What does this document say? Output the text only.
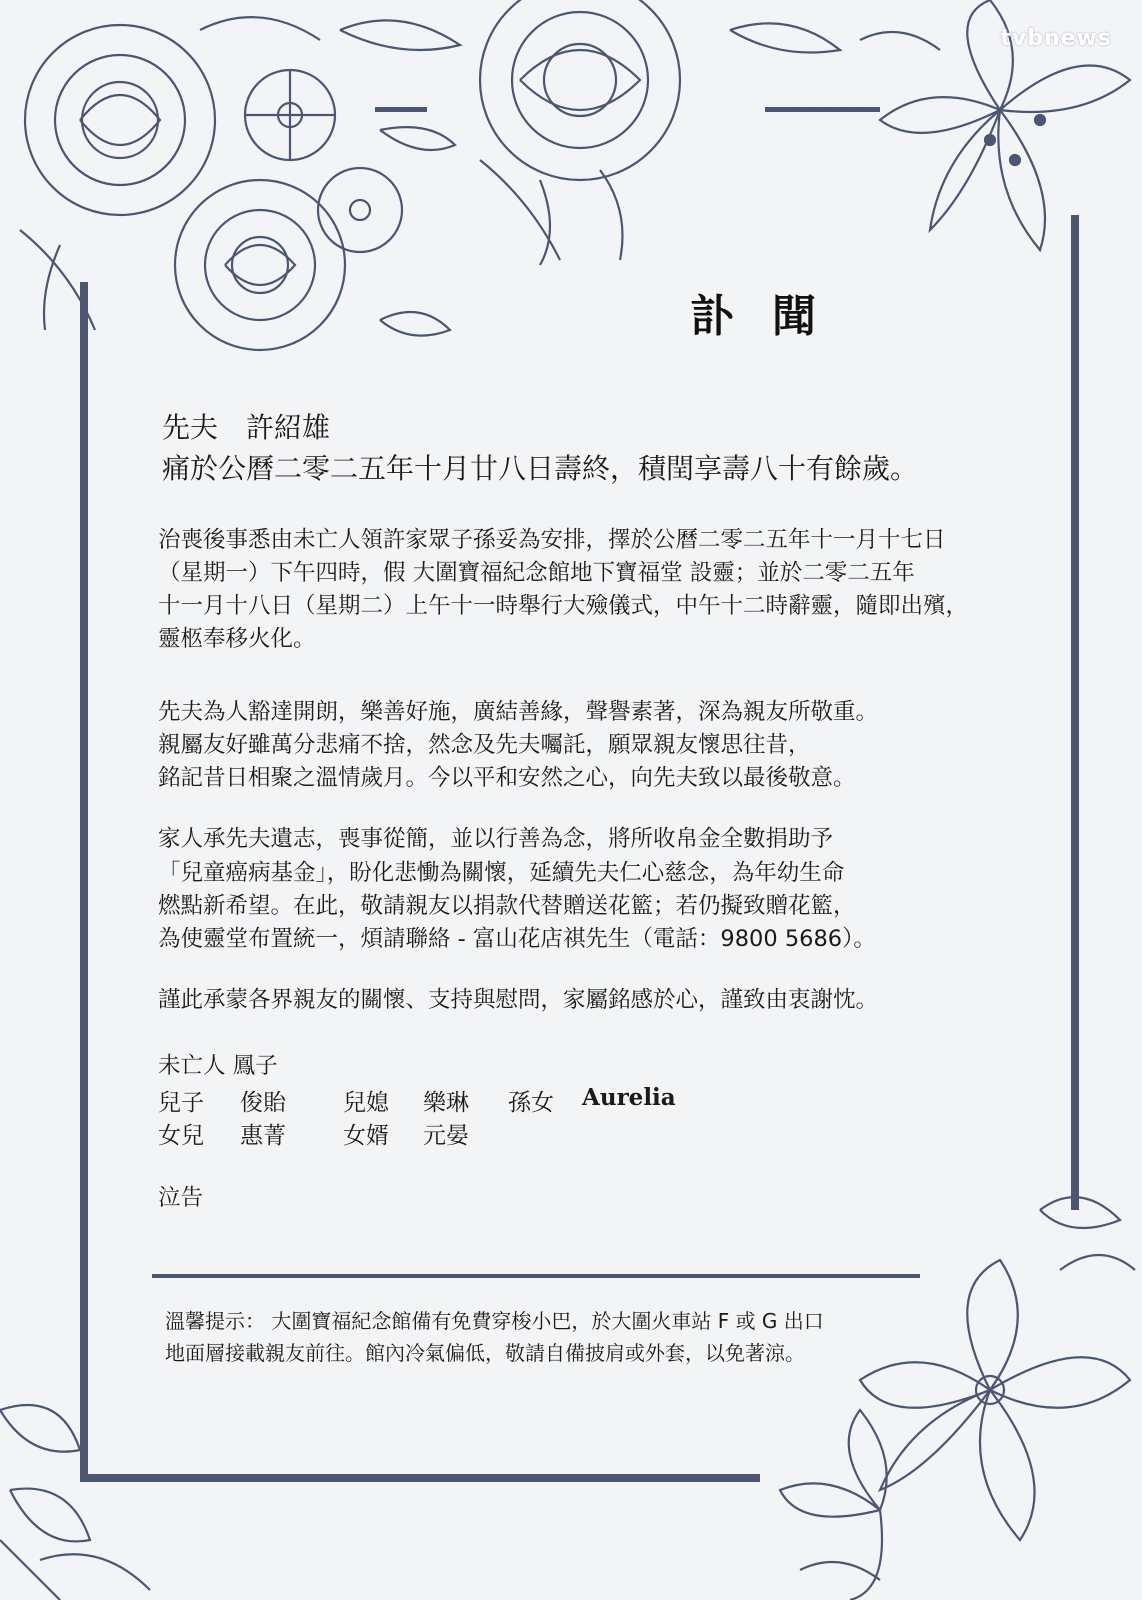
tvbnews
訃聞
先夫　許紹雄
痛於公曆二零二五年十月廿八日壽終，積閏享壽八十有餘歲。
治喪後事悉由未亡人領許家眾子孫妥為安排，擇於公曆二零二五年十一月十七日
（星期一）下午四時，假 大圍寶福紀念館地下寶福堂 設靈；並於二零二五年
十一月十八日（星期二）上午十一時舉行大殮儀式，中午十二時辭靈，隨即出殯，
靈柩奉移火化。
先夫為人豁達開朗，樂善好施，廣結善緣，聲譽素著，深為親友所敬重。
親屬友好雖萬分悲痛不捨，然念及先夫囑託，願眾親友懷思往昔，
銘記昔日相聚之溫情歲月。今以平和安然之心，向先夫致以最後敬意。
家人承先夫遺志，喪事從簡，並以行善為念，將所收帛金全數捐助予
「兒童癌病基金」，盼化悲慟為關懷，延續先夫仁心慈念，為年幼生命
燃點新希望。在此，敬請親友以捐款代替贈送花籃；若仍擬致贈花籃，
為使靈堂布置統一，煩請聯絡 - 富山花店祺先生（電話：9800 5686）。
謹此承蒙各界親友的關懷、支持與慰問，家屬銘感於心，謹致由衷謝忱。
未亡人 鳳子
兒子 俊貽 兒媳 樂琳 孫女 Aurelia
女兒 惠菁 女婿 元晏
泣告
溫馨提示： 大圍寶福紀念館備有免費穿梭小巴，於大圍火車站 F 或 G 出口
地面層接載親友前往。館內冷氣偏低，敬請自備披肩或外套，以免著涼。
